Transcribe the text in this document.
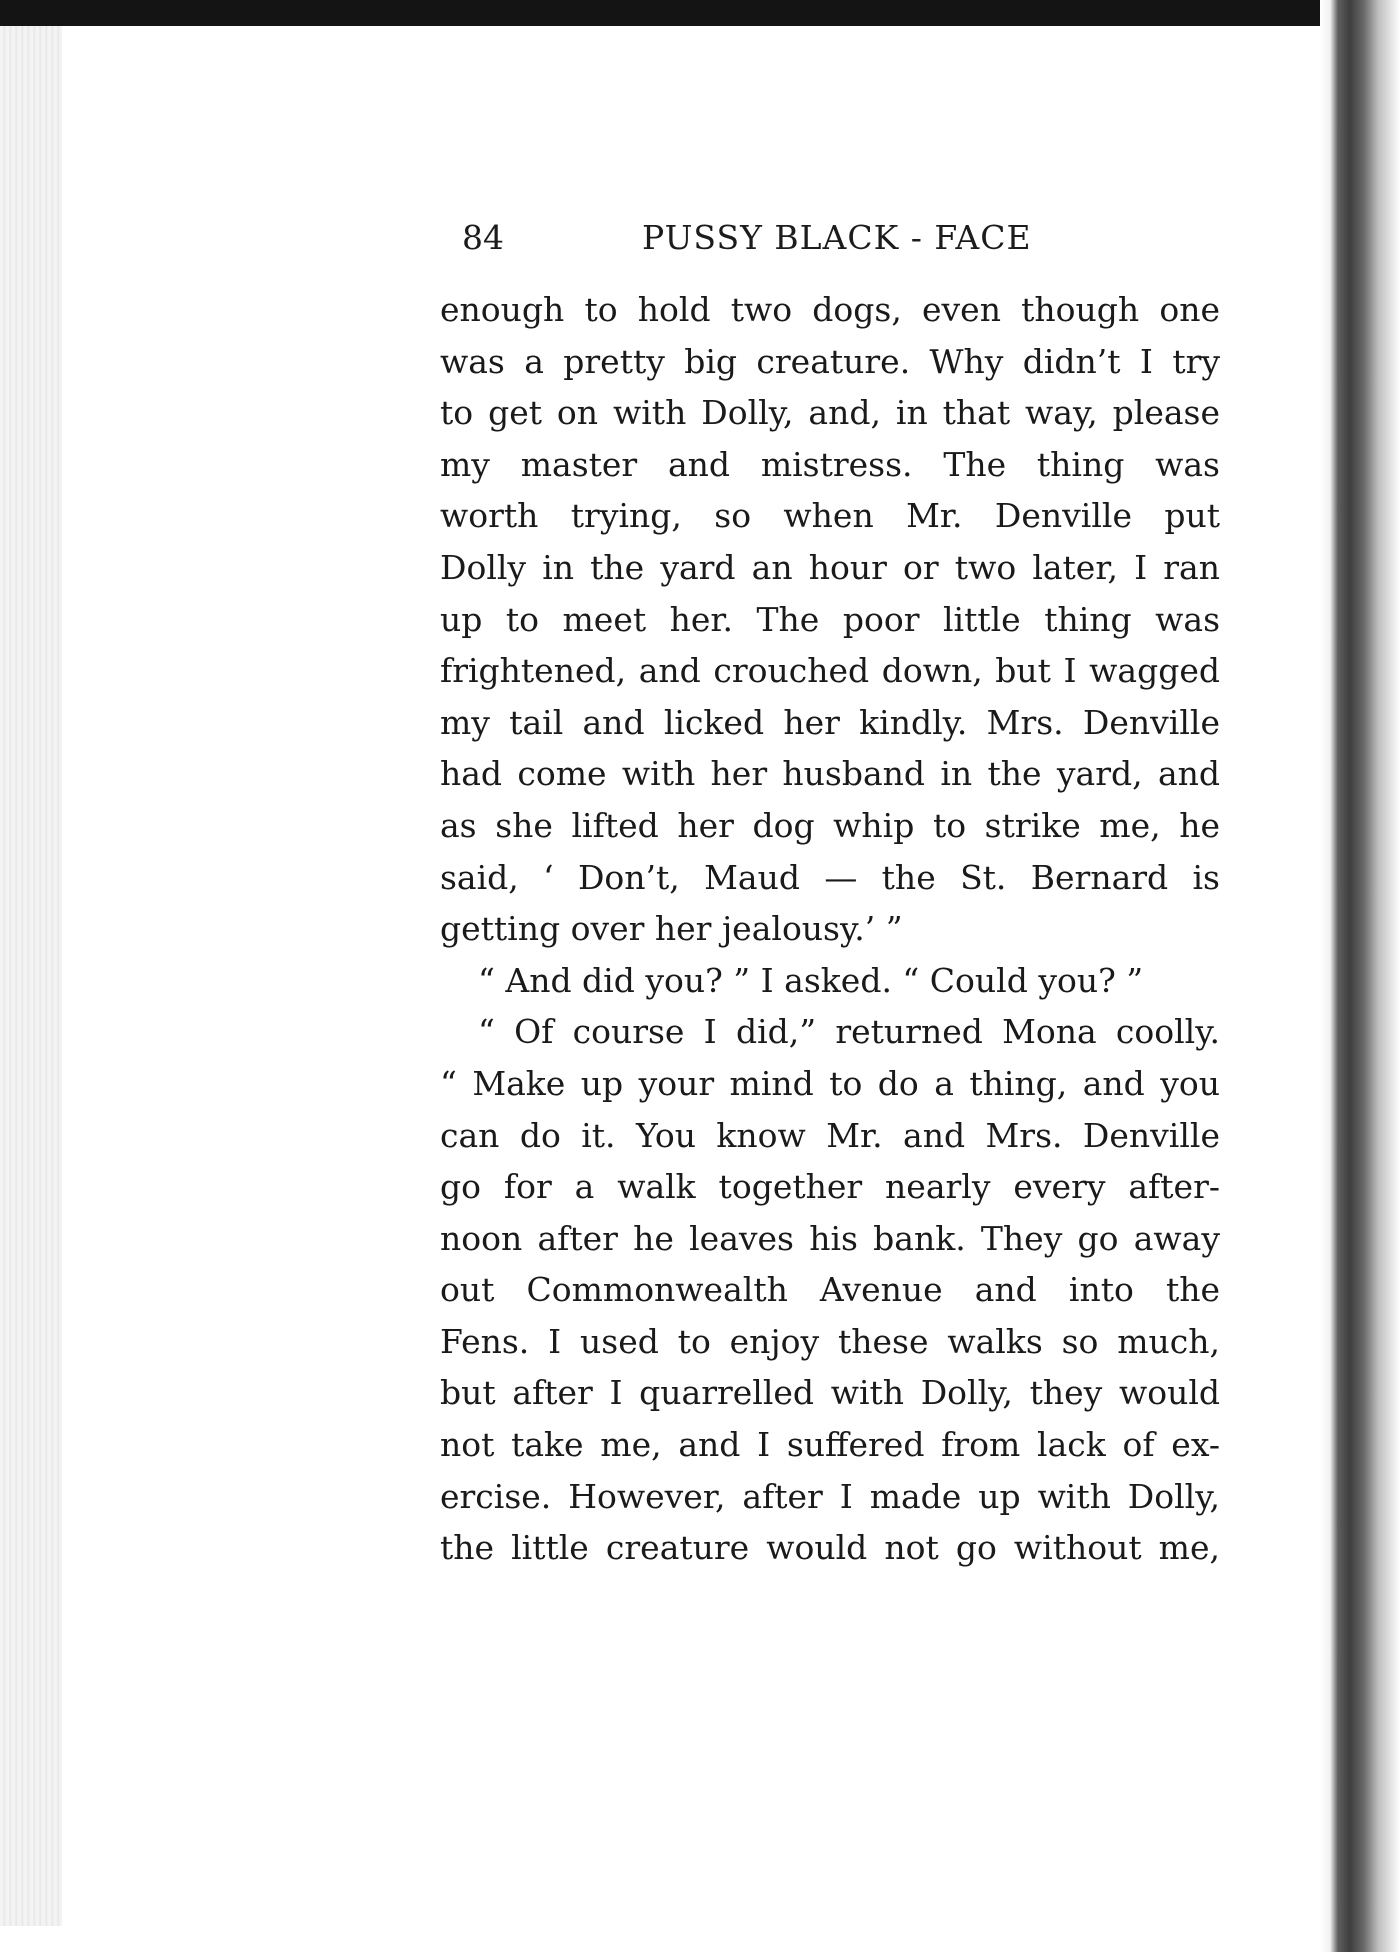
84	PUSSY BLACK - FACE
enough to hold two dogs, even though one
was a pretty big creature. Why didn’t I try
to get on with Dolly, and, in that way, please
my master and mistress. The thing was
worth trying, so when Mr. Denville put
Dolly in the yard an hour or two later, I ran
up to meet her. The poor little thing was
frightened, and crouched down, but I wagged
my tail and licked her kindly. Mrs. Denville
had come with her husband in the yard, and
as she lifted her dog whip to strike me, he
said, ‘ Don’t, Maud — the St. Bernard is
getting over her jealousy.’ ”
“ And did you? ” I asked. “ Could you? ”
“ Of course I did,” returned Mona coolly.
“ Make up your mind to do a thing, and you
can do it. You know Mr. and Mrs. Denville
go for a walk together nearly every after-
noon after he leaves his bank. They go away
out Commonwealth Avenue and into the
Fens. I used to enjoy these walks so much,
but after I quarrelled with Dolly, they would
not take me, and I suffered from lack of ex-
ercise. However, after I made up with Dolly,
the little creature would not go without me,
